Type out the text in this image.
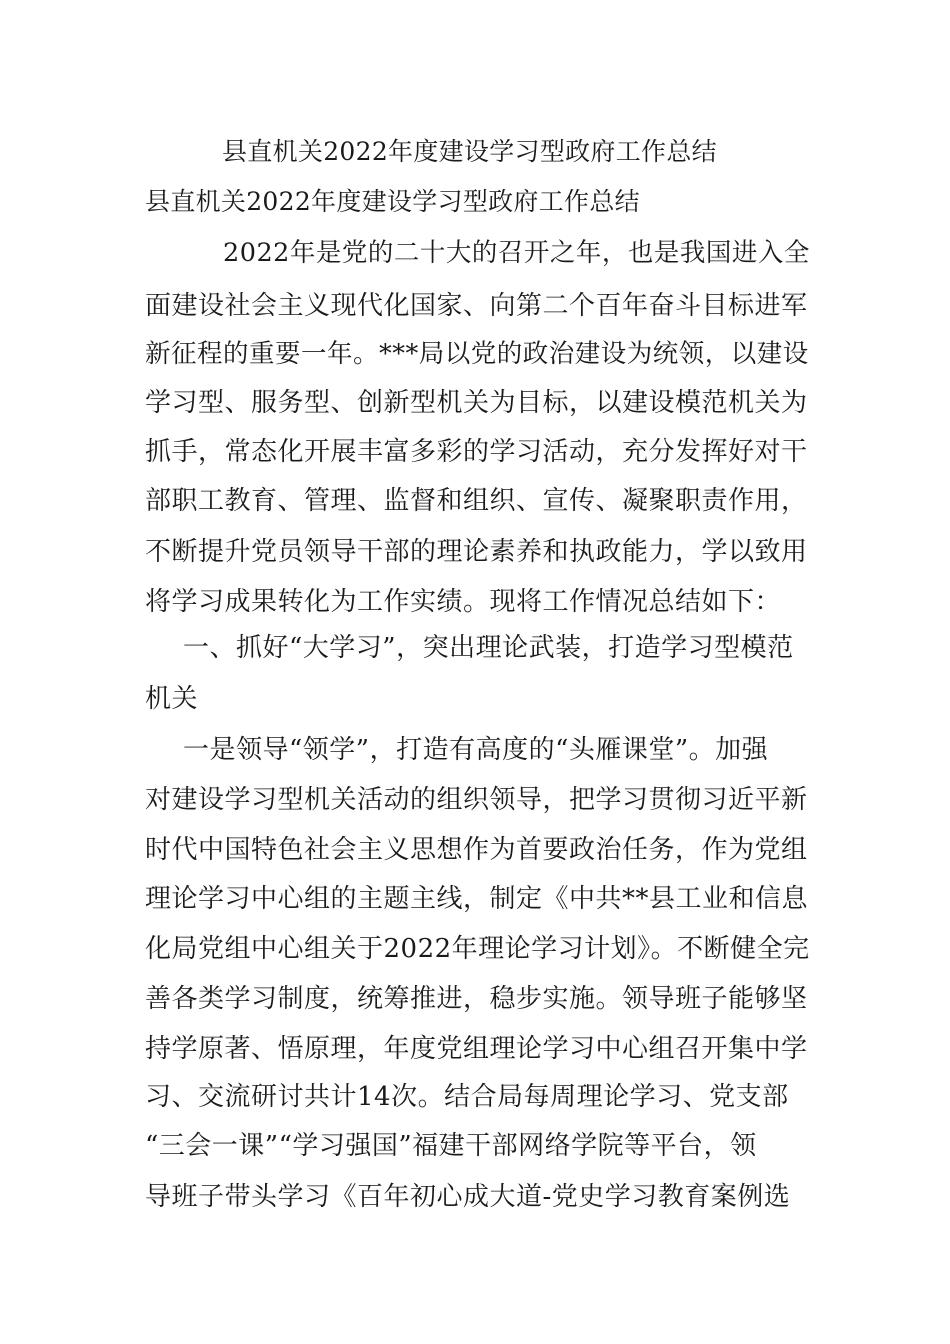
县直机关2022年度建设学习型政府工作总结
县直机关2022年度建设学习型政府工作总结
2022年是党的二十大的召开之年，也是我国进入全
面建设社会主义现代化国家、向第二个百年奋斗目标进军
新征程的重要一年。***局以党的政治建设为统领，以建设
学习型、服务型、创新型机关为目标，以建设模范机关为
抓手，常态化开展丰富多彩的学习活动，充分发挥好对干
部职工教育、管理、监督和组织、宣传、凝聚职责作用，
不断提升党员领导干部的理论素养和执政能力，学以致用
将学习成果转化为工作实绩。现将工作情况总结如下：
一、抓好“大学习”，突出理论武装，打造学习型模范
机关
一是领导“领学”，打造有高度的“头雁课堂”。加强
对建设学习型机关活动的组织领导，把学习贯彻习近平新
时代中国特色社会主义思想作为首要政治任务，作为党组
理论学习中心组的主题主线，制定《中共**县工业和信息
化局党组中心组关于2022年理论学习计划》。不断健全完
善各类学习制度，统筹推进，稳步实施。领导班子能够坚
持学原著、悟原理，年度党组理论学习中心组召开集中学
习、交流研讨共计14次。结合局每周理论学习、党支部
“三会一课”“学习强国”福建干部网络学院等平台，领
导班子带头学习《百年初心成大道-党史学习教育案例选
